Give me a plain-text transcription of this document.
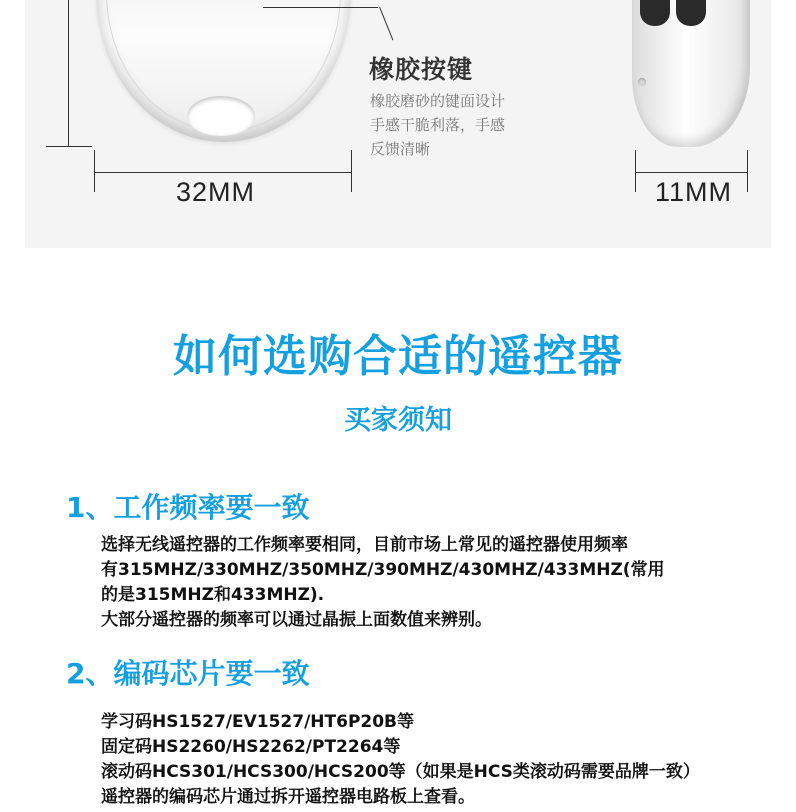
32MM	11MM
橡胶按键
橡胶磨砂的键面设计
手感干脆利落，手感
反馈清晰
如何选购合适的遥控器
买家须知
1、工作频率要一致
选择无线遥控器的工作频率要相同，目前市场上常见的遥控器使用频率
有315MHZ/330MHZ/350MHZ/390MHZ/430MHZ/433MHZ(常用
的是315MHZ和433MHZ).
大部分遥控器的频率可以通过晶振上面数值来辨别。
2、编码芯片要一致
学习码HS1527/EV1527/HT6P20B等
固定码HS2260/HS2262/PT2264等
滚动码HCS301/HCS300/HCS200等（如果是HCS类滚动码需要品牌一致）
遥控器的编码芯片通过拆开遥控器电路板上查看。
